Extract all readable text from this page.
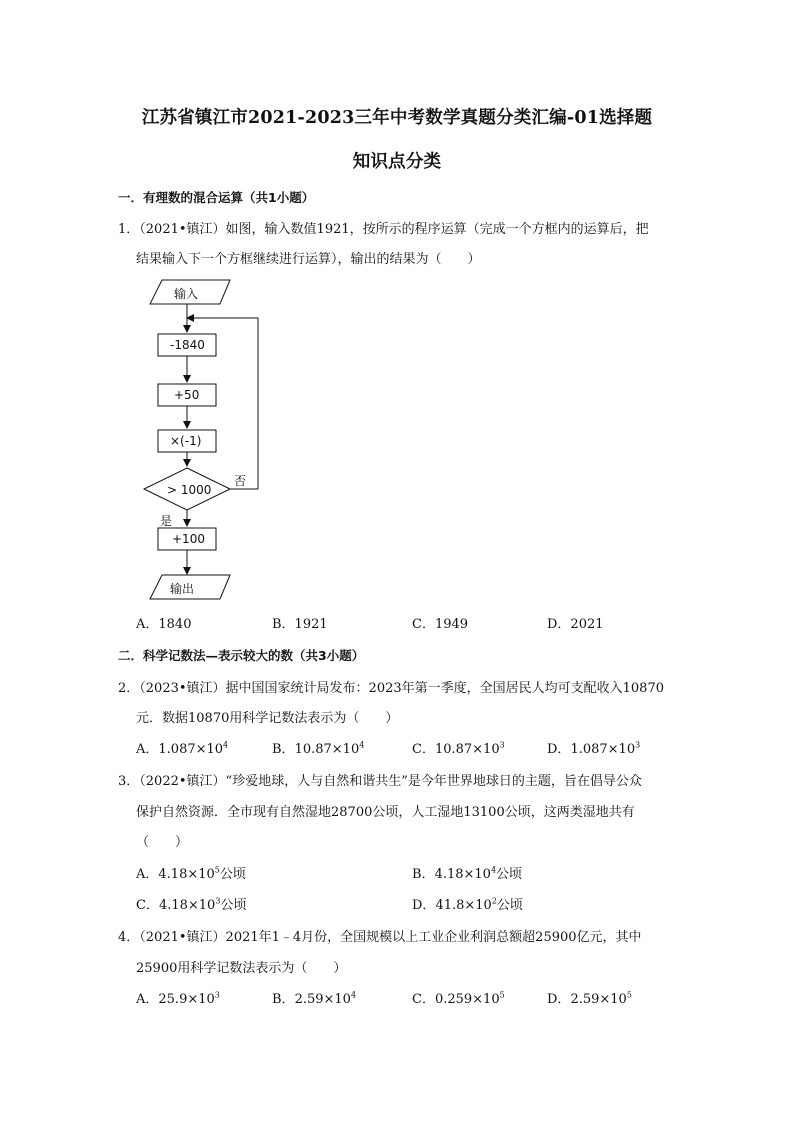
江苏省镇江市2021-2023三年中考数学真题分类汇编-01选择题
知识点分类
一．有理数的混合运算（共1小题）
1．（2021•镇江）如图，输入数值1921，按所示的程序运算（完成一个方框内的运算后，把
结果输入下一个方框继续进行运算），输出的结果为（　　）
输入
-1840
+50
×(-1)
> 1000
否
是
+100
输出
A．1840	B．1921	C．1949	D．2021
二．科学记数法—表示较大的数（共3小题）
2．（2023•镇江）据中国国家统计局发布：2023年第一季度，全国居民人均可支配收入10870
元．数据10870用科学记数法表示为（　　）
A．$1.087\times 10^4$	B．$10.87\times 10^4$	C．$10.87\times 10^3$	D．$1.087\times 10^3$
3．（2022•镇江）“珍爱地球，人与自然和谐共生”是今年世界地球日的主题，旨在倡导公众
保护自然资源．全市现有自然湿地28700公顷，人工湿地13100公顷，这两类湿地共有
（　　）
A．$4.18\times 10^5$公顷	B．$4.18\times 10^4$公顷
C．$4.18\times 10^3$公顷	D．$41.8\times 10^2$公顷
4．（2021•镇江）2021年1﹣4月份，全国规模以上工业企业利润总额超25900亿元，其中
25900用科学记数法表示为（　　）
A．$25.9\times 10^3$	B．$2.59\times 10^4$	C．$0.259\times 10^5$	D．$2.59\times 10^5$
